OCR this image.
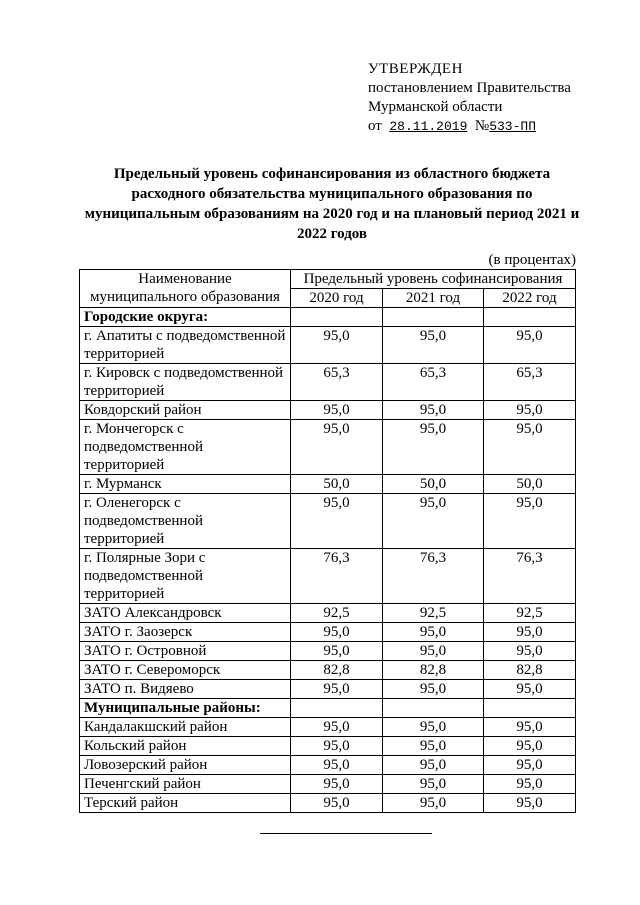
УТВЕРЖДЕН
постановлением Правительства
Мурманской области
от 28.11.2019 №533-ПП
Предельный уровень софинансирования из областного бюджета расходного обязательства муниципального образования по муниципальным образованиям на 2020 год и на плановый период 2021 и 2022 годов
(в процентах)
Наименование муниципального образования	Предельный уровень софинансирования		
	2020 год	2021 год	2022 год
Городские округа:			
г. Апатиты с подведомственной территорией	95,0	95,0	95,0
г. Кировск с подведомственной территорией	65,3	65,3	65,3
Ковдорский район	95,0	95,0	95,0
г. Мончегорск с подведомственной территорией	95,0	95,0	95,0
г. Мурманск	50,0	50,0	50,0
г. Оленегорск с подведомственной территорией	95,0	95,0	95,0
г. Полярные Зори с подведомственной территорией	76,3	76,3	76,3
ЗАТО Александровск	92,5	92,5	92,5
ЗАТО г. Заозерск	95,0	95,0	95,0
ЗАТО г. Островной	95,0	95,0	95,0
ЗАТО г. Североморск	82,8	82,8	82,8
ЗАТО п. Видяево	95,0	95,0	95,0
Муниципальные районы:			
Кандалакшский район	95,0	95,0	95,0
Кольский район	95,0	95,0	95,0
Ловозерский район	95,0	95,0	95,0
Печенгский район	95,0	95,0	95,0
Терский район	95,0	95,0	95,0
